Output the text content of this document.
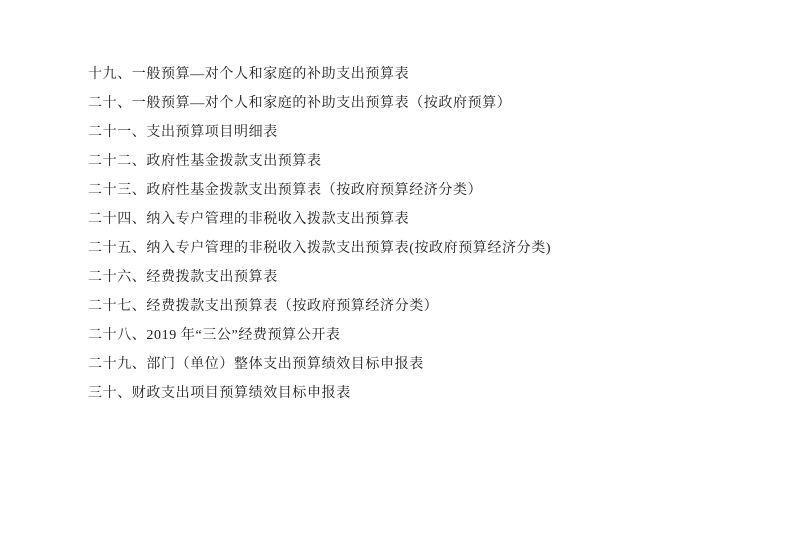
十九、一般预算—对个人和家庭的补助支出预算表
二十、一般预算—对个人和家庭的补助支出预算表（按政府预算）
二十一、支出预算项目明细表
二十二、政府性基金拨款支出预算表
二十三、政府性基金拨款支出预算表（按政府预算经济分类）
二十四、纳入专户管理的非税收入拨款支出预算表
二十五、纳入专户管理的非税收入拨款支出预算表(按政府预算经济分类)
二十六、经费拨款支出预算表
二十七、经费拨款支出预算表（按政府预算经济分类）
二十八、2019 年“三公”经费预算公开表
二十九、部门（单位）整体支出预算绩效目标申报表
三十、财政支出项目预算绩效目标申报表
